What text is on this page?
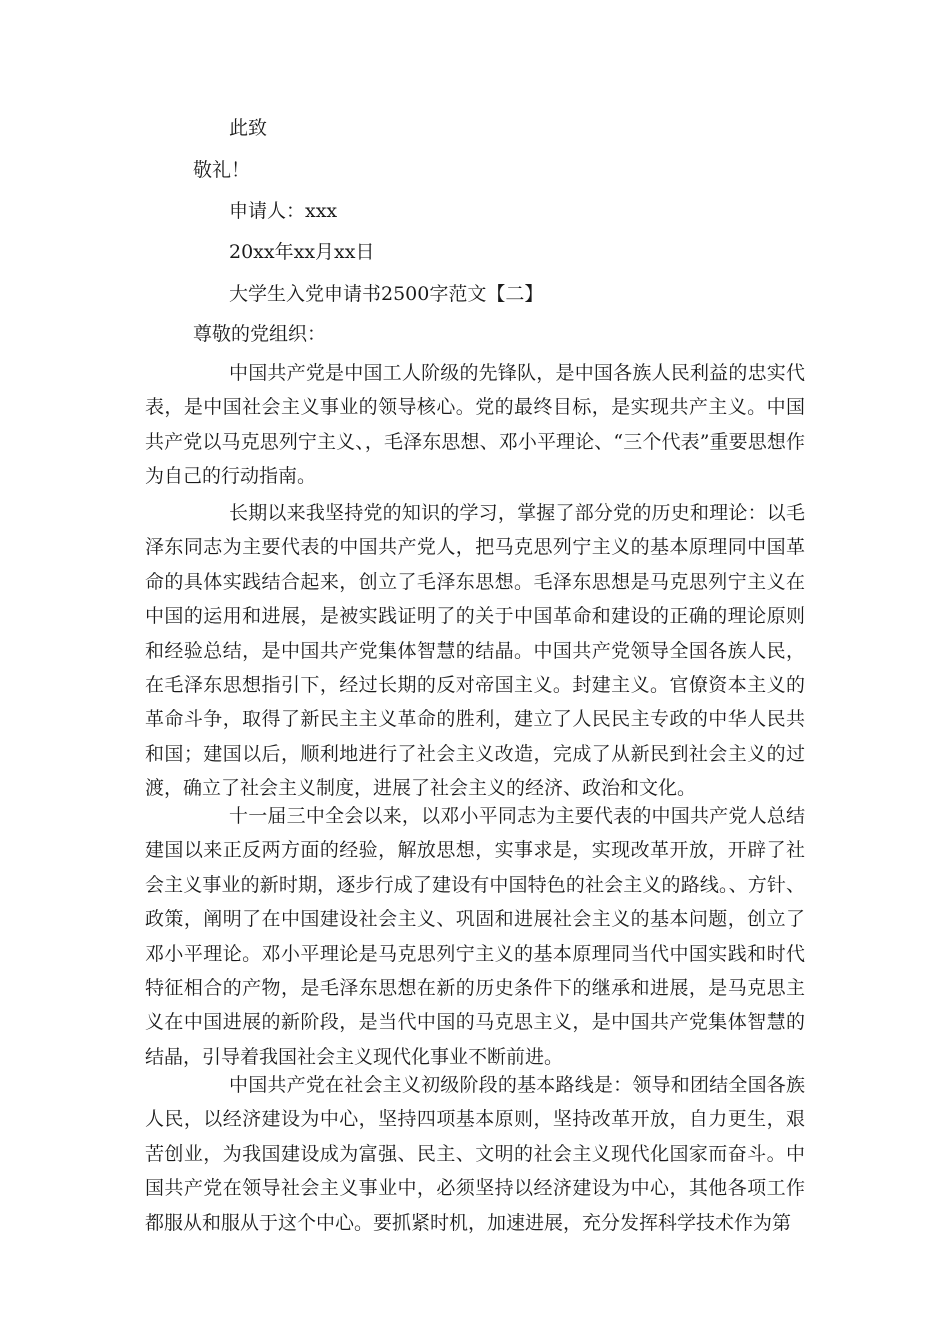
此致
敬礼！
申请人：xxx
20xx年xx月xx日
大学生入党申请书2500字范文【二】
尊敬的党组织：

中国共产党是中国工人阶级的先锋队，是中国各族人民利益的忠实代表，是中国社会主义事业的领导核心。党的最终目标，是实现共产主义。中国共产党以马克思列宁主义、，毛泽东思想、邓小平理论、“三个代表”重要思想作为自己的行动指南。

长期以来我坚持党的知识的学习，掌握了部分党的历史和理论：以毛泽东同志为主要代表的中国共产党人，把马克思列宁主义的基本原理同中国革命的具体实践结合起来，创立了毛泽东思想。毛泽东思想是马克思列宁主义在中国的运用和进展，是被实践证明了的关于中国革命和建设的正确的理论原则和经验总结，是中国共产党集体智慧的结晶。中国共产党领导全国各族人民，在毛泽东思想指引下，经过长期的反对帝国主义。封建主义。官僚资本主义的革命斗争，取得了新民主主义革命的胜利，建立了人民民主专政的中华人民共和国；建国以后，顺利地进行了社会主义改造，完成了从新民到社会主义的过渡，确立了社会主义制度，进展了社会主义的经济、政治和文化。

十一届三中全会以来，以邓小平同志为主要代表的中国共产党人总结建国以来正反两方面的经验，解放思想，实事求是，实现改革开放，开辟了社会主义事业的新时期，逐步行成了建设有中国特色的社会主义的路线。、方针、政策，阐明了在中国建设社会主义、巩固和进展社会主义的基本问题，创立了邓小平理论。邓小平理论是马克思列宁主义的基本原理同当代中国实践和时代特征相合的产物，是毛泽东思想在新的历史条件下的继承和进展，是马克思主义在中国进展的新阶段，是当代中国的马克思主义，是中国共产党集体智慧的结晶，引导着我国社会主义现代化事业不断前进。

中国共产党在社会主义初级阶段的基本路线是：领导和团结全国各族人民，以经济建设为中心，坚持四项基本原则，坚持改革开放，自力更生，艰苦创业，为我国建设成为富强、民主、文明的社会主义现代化国家而奋斗。中国共产党在领导社会主义事业中，必须坚持以经济建设为中心，其他各项工作都服从和服从于这个中心。要抓紧时机，加速进展，充分发挥科学技术作为第
